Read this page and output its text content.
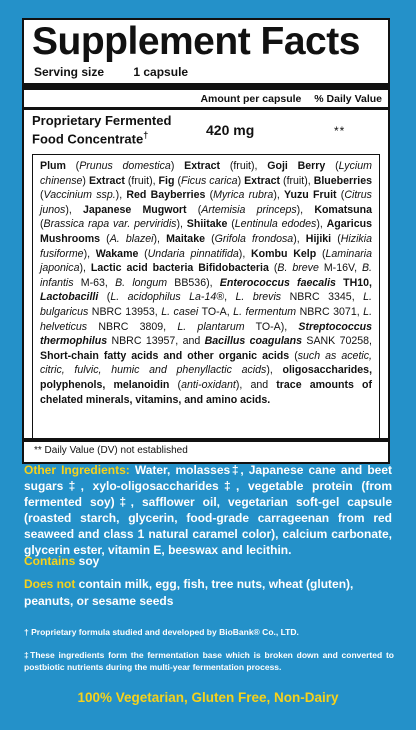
Supplement Facts
Serving size 1 capsule
Amount per capsule % Daily Value
Proprietary Fermented
Food Concentrate†	420 mg	**
Plum (Prunus domestica) Extract (fruit), Goji Berry (Lycium chinense) Extract (fruit), Fig (Ficus carica) Extract (fruit), Blueberries (Vaccinium ssp.), Red Bayberries (Myrica rubra), Yuzu Fruit (Citrus junos), Japanese Mugwort (Artemisia princeps), Komatsuna (Brassica rapa var. perviridis), Shiitake (Lentinula edodes), Agaricus Mushrooms (A. blazei), Maitake (Grifola frondosa), Hijiki (Hizikia fusiforme), Wakame (Undaria pinnatifida), Kombu Kelp (Laminaria japonica), Lactic acid bacteria Bifidobacteria (B. breve M-16V, B. infantis M-63, B. longum BB536), Enterococcus faecalis TH10, Lactobacilli (L. acidophilus La-14®, L. brevis NBRC 3345, L. bulgaricus NBRC 13953, L. casei TO-A, L. fermentum NBRC 3071, L. helveticus NBRC 3809, L. plantarum TO-A), Streptococcus thermophilus NBRC 13957, and Bacillus coagulans SANK 70258, Short-chain fatty acids and other organic acids (such as acetic, citric, fulvic, humic and phenyllactic acids), oligosaccharides, polyphenols, melanoidin (anti-oxidant), and trace amounts of chelated minerals, vitamins, and amino acids.
** Daily Value (DV) not established
Other Ingredients: Water, molasses‡, Japanese cane and beet sugars‡, xylo-oligosaccharides‡, vegetable protein (from fermented soy)‡, safflower oil, vegetarian soft-gel capsule (roasted starch, glycerin, food-grade carrageenan from red seaweed and class 1 natural caramel color), calcium carbonate, glycerin ester, vitamin E, beeswax and lecithin.
Contains soy
Does not contain milk, egg, fish, tree nuts, wheat (gluten), peanuts, or sesame seeds
† Proprietary formula studied and developed by BioBank® Co., LTD.
‡These ingredients form the fermentation base which is broken down and converted to postbiotic nutrients during the multi-year fermentation process.
100% Vegetarian, Gluten Free, Non-Dairy
